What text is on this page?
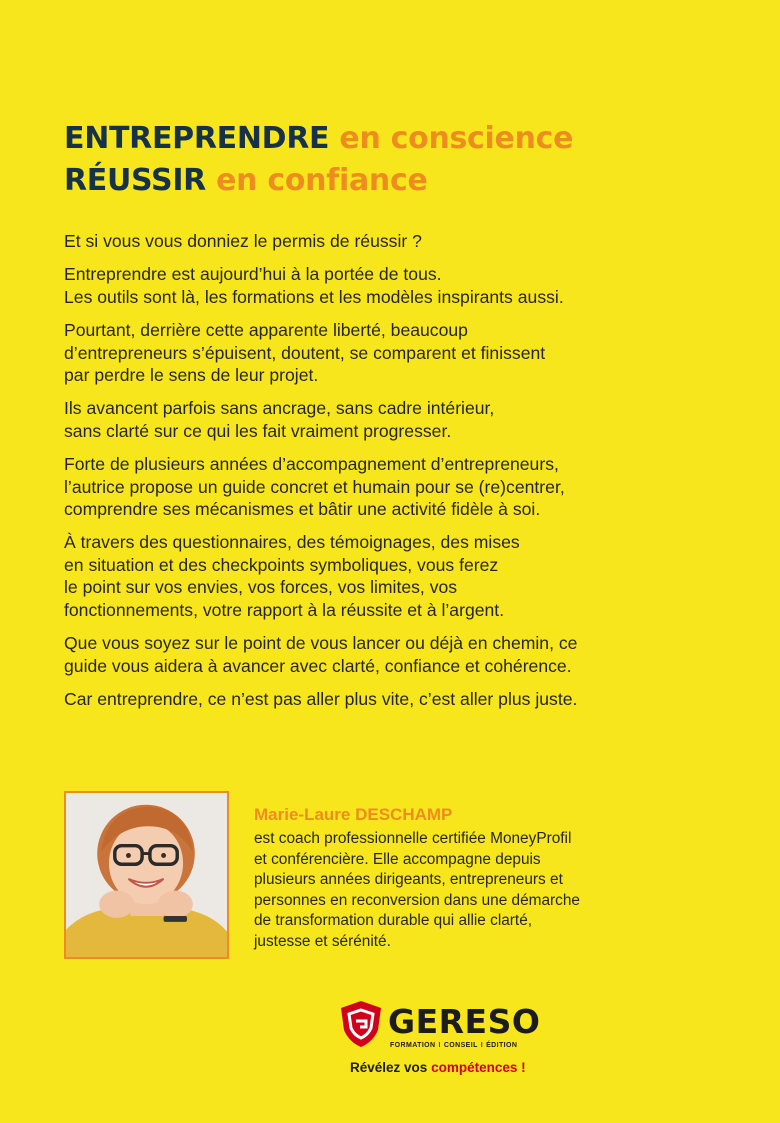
ENTREPRENDRE en conscience
RÉUSSIR en confiance

Et si vous vous donniez le permis de réussir ?

Entreprendre est aujourd’hui à la portée de tous.
Les outils sont là, les formations et les modèles inspirants aussi.

Pourtant, derrière cette apparente liberté, beaucoup
d’entrepreneurs s’épuisent, doutent, se comparent et finissent
par perdre le sens de leur projet.

Ils avancent parfois sans ancrage, sans cadre intérieur,
sans clarté sur ce qui les fait vraiment progresser.

Forte de plusieurs années d’accompagnement d’entrepreneurs,
l’autrice propose un guide concret et humain pour se (re)centrer,
comprendre ses mécanismes et bâtir une activité fidèle à soi.

À travers des questionnaires, des témoignages, des mises
en situation et des checkpoints symboliques, vous ferez
le point sur vos envies, vos forces, vos limites, vos
fonctionnements, votre rapport à la réussite et à l’argent.

Que vous soyez sur le point de vous lancer ou déjà en chemin, ce
guide vous aidera à avancer avec clarté, confiance et cohérence.

Car entreprendre, ce n’est pas aller plus vite, c’est aller plus juste.

Marie-Laure DESCHAMP

est coach professionnelle certifiée MoneyProfil
et conférencière. Elle accompagne depuis
plusieurs années dirigeants, entrepreneurs et
personnes en reconversion dans une démarche
de transformation durable qui allie clarté,
justesse et sérénité.

GERESO
FORMATION I CONSEIL I ÉDITION
Révélez vos compétences !
